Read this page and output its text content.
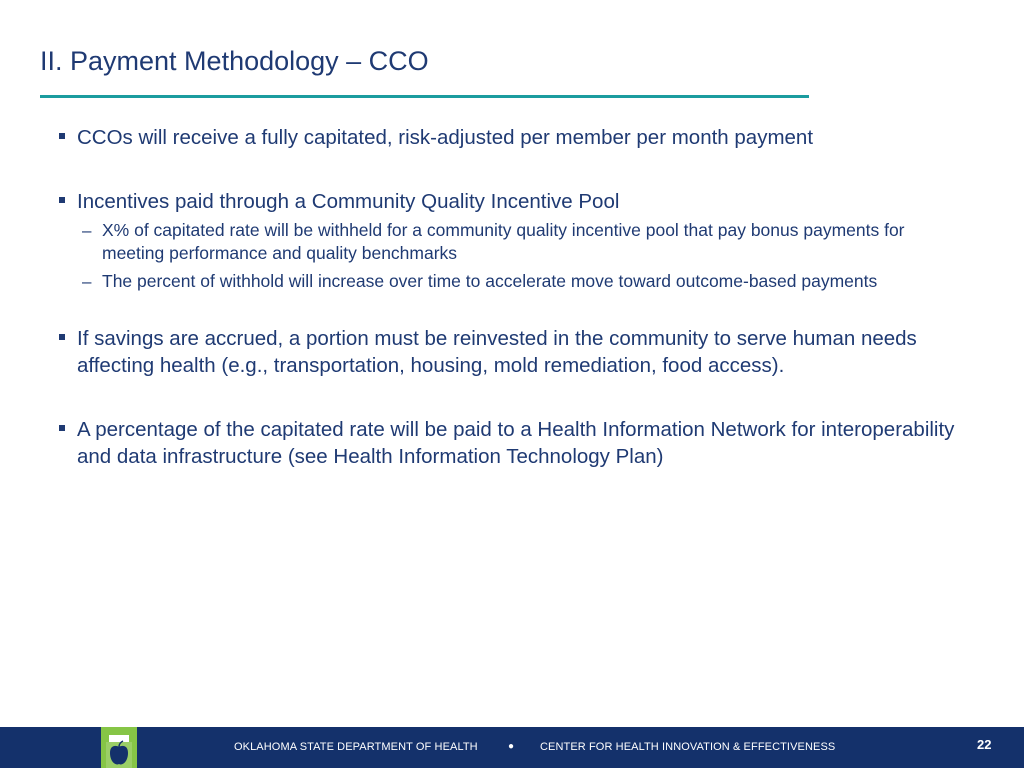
II. Payment Methodology – CCO
CCOs will receive a fully capitated, risk-adjusted per member per month payment
Incentives paid through a Community Quality Incentive Pool
– X% of capitated rate will be withheld for a community quality incentive pool that pay bonus payments for meeting performance and quality benchmarks
– The percent of withhold will increase over time to accelerate move toward outcome-based payments
If savings are accrued, a portion must be reinvested in the community to serve human needs affecting health (e.g., transportation, housing, mold remediation, food access).
A percentage of the capitated rate will be paid to a Health Information Network for interoperability and data infrastructure (see Health Information Technology Plan)
OKLAHOMA STATE DEPARTMENT OF HEALTH	● CENTER FOR HEALTH INNOVATION & EFFECTIVENESS	22
